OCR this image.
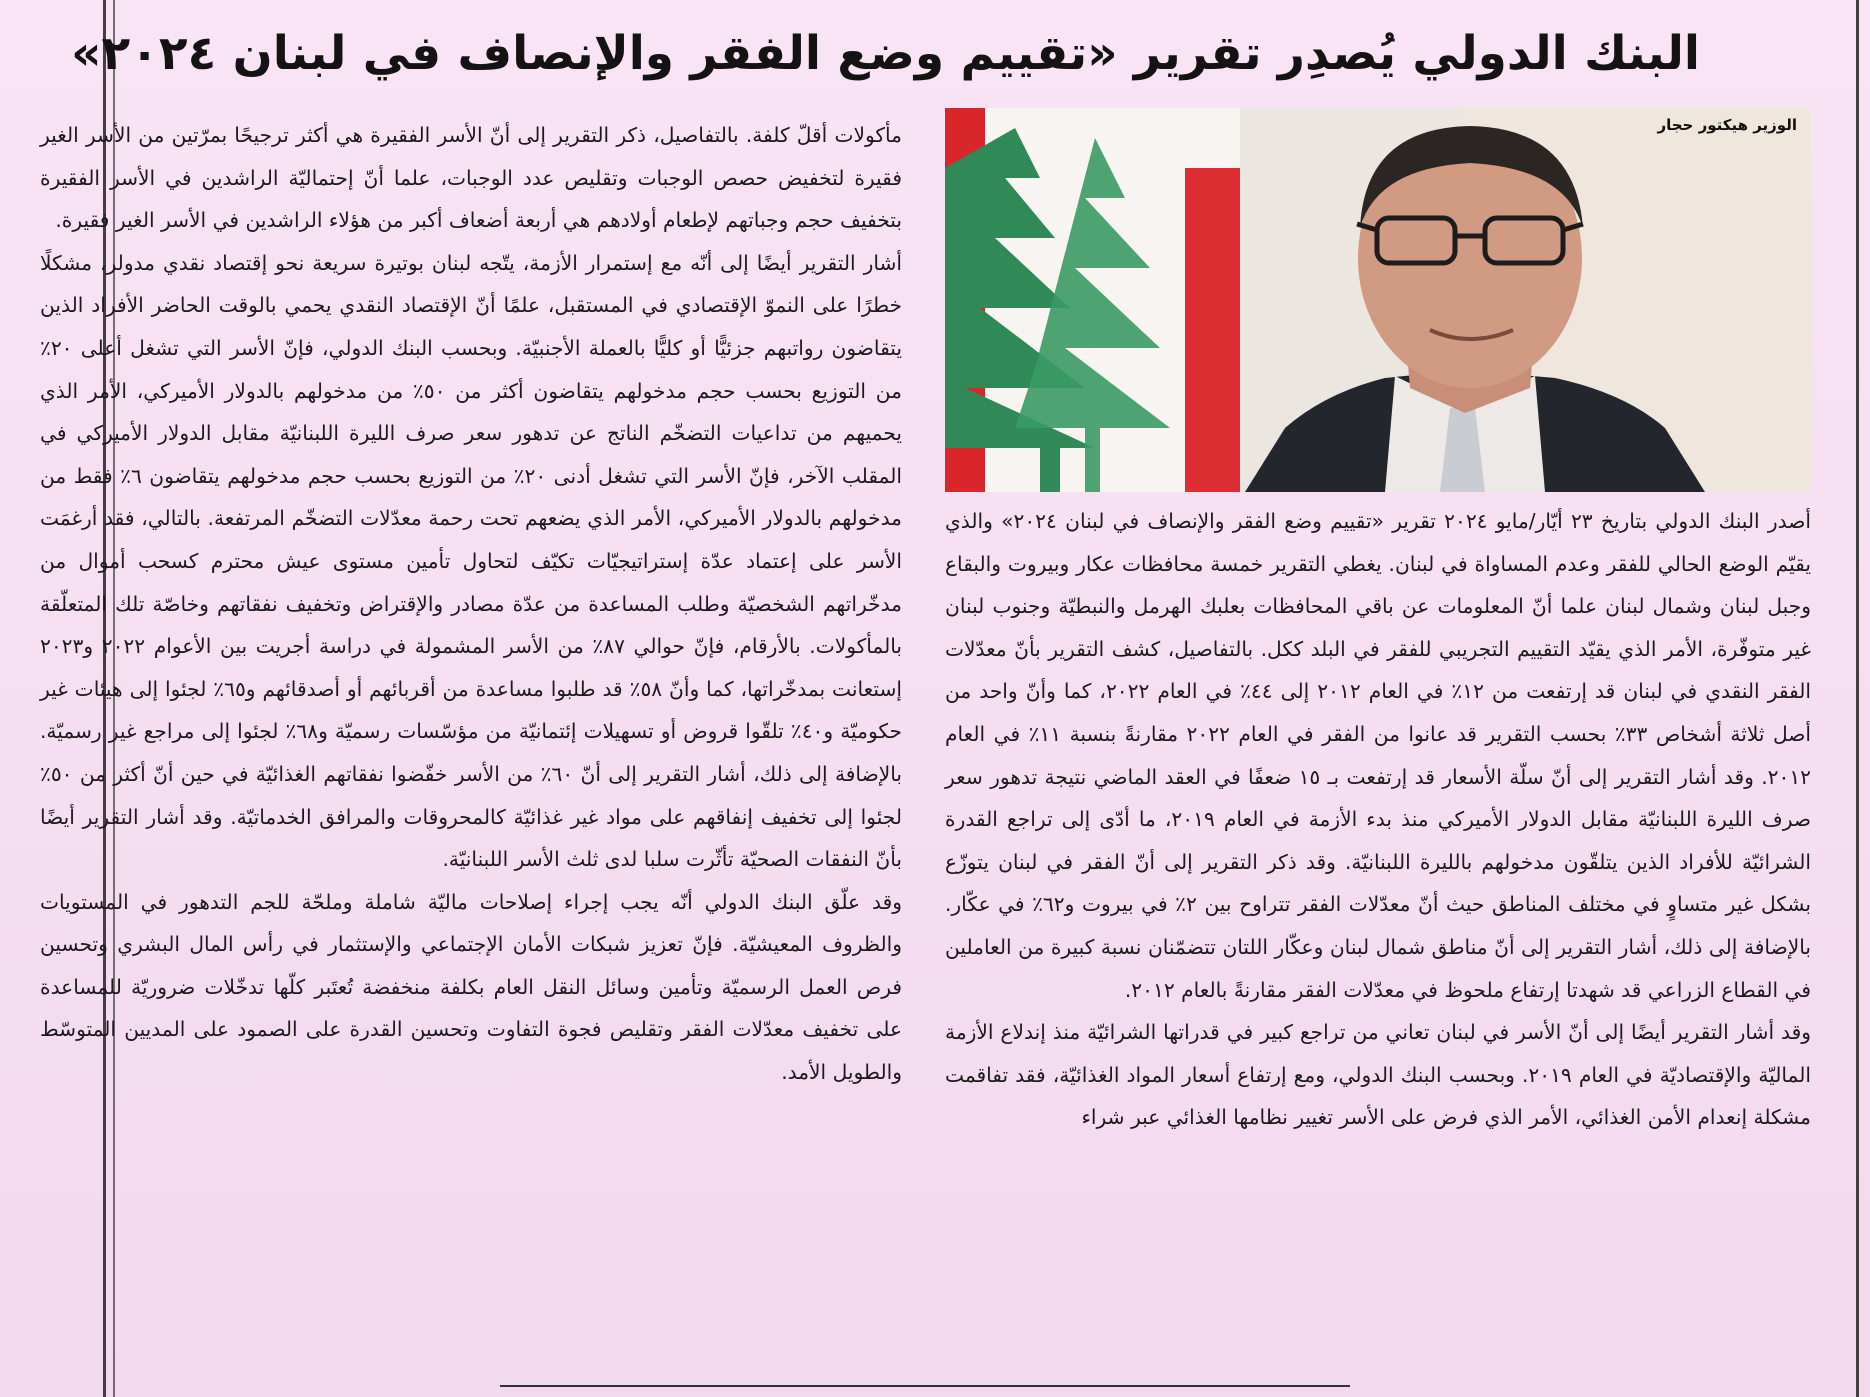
البنك الدولي يُصدِر تقرير «تقييم وضع الفقر والإنصاف في لبنان ٢٠٢٤»

الوزير هيكتور حجار

أصدر البنك الدولي بتاريخ ٢٣ أيّار/مايو ٢٠٢٤ تقرير «تقييم وضع الفقر والإنصاف في لبنان ٢٠٢٤» والذي يقيّم الوضع الحالي للفقر وعدم المساواة في لبنان. يغطي التقرير خمسة محافظات عكار وبيروت والبقاع وجبل لبنان وشمال لبنان علما أنّ المعلومات عن باقي المحافظات بعلبك الهرمل والنبطيّة وجنوب لبنان غير متوفّرة، الأمر الذي يقيّد التقييم التجريبي للفقر في البلد ككل. بالتفاصيل، كشف التقرير بأنّ معدّلات الفقر النقدي في لبنان قد إرتفعت من ١٢٪ في العام ٢٠١٢ إلى ٤٤٪ في العام ٢٠٢٢، كما وأنّ واحد من أصل ثلاثة أشخاص ٣٣٪ بحسب التقرير قد عانوا من الفقر في العام ٢٠٢٢ مقارنةً بنسبة ١١٪ في العام ٢٠١٢. وقد أشار التقرير إلى أنّ سلّة الأسعار قد إرتفعت بـ ١٥ ضعفًا في العقد الماضي نتيجة تدهور سعر صرف الليرة اللبنانيّة مقابل الدولار الأميركي منذ بدء الأزمة في العام ٢٠١٩، ما أدّى إلى تراجع القدرة الشرائيّة للأفراد الذين يتلقّون مدخولهم بالليرة اللبنانيّة. وقد ذكر التقرير إلى أنّ الفقر في لبنان يتوزّع بشكل غير متساوٍ في مختلف المناطق حيث أنّ معدّلات الفقر تتراوح بين ٢٪ في بيروت و٦٢٪ في عكّار. بالإضافة إلى ذلك، أشار التقرير إلى أنّ مناطق شمال لبنان وعكّار اللتان تتضمّنان نسبة كبيرة من العاملين في القطاع الزراعي قد شهدتا إرتفاع ملحوظ في معدّلات الفقر مقارنةً بالعام ٢٠١٢.

وقد أشار التقرير أيضًا إلى أنّ الأسر في لبنان تعاني من تراجع كبير في قدراتها الشرائيّة منذ إندلاع الأزمة الماليّة والإقتصاديّة في العام ٢٠١٩. وبحسب البنك الدولي، ومع إرتفاع أسعار المواد الغذائيّة، فقد تفاقمت مشكلة إنعدام الأمن الغذائي، الأمر الذي فرض على الأسر تغيير نظامها الغذائي عبر شراء

مأكولات أقلّ كلفة. بالتفاصيل، ذكر التقرير إلى أنّ الأسر الفقيرة هي أكثر ترجيحًا بمرّتين من الأسر الغير فقيرة لتخفيض حصص الوجبات وتقليص عدد الوجبات، علما أنّ إحتماليّة الراشدين في الأسر الفقيرة بتخفيف حجم وجباتهم لإطعام أولادهم هي أربعة أضعاف أكبر من هؤلاء الراشدين في الأسر الغير فقيرة.

أشار التقرير أيضًا إلى أنّه مع إستمرار الأزمة، يتّجه لبنان بوتيرة سريعة نحو إقتصاد نقدي مدولر، مشكلًا خطرًا على النموّ الإقتصادي في المستقبل، علمًا أنّ الإقتصاد النقدي يحمي بالوقت الحاضر الأفراد الذين يتقاضون رواتبهم جزئيًّا أو كليًّا بالعملة الأجنبيّة. وبحسب البنك الدولي، فإنّ الأسر التي تشغل أعلى ٢٠٪ من التوزيع بحسب حجم مدخولهم يتقاضون أكثر من ٥٠٪ من مدخولهم بالدولار الأميركي، الأمر الذي يحميهم من تداعيات التضخّم الناتج عن تدهور سعر صرف الليرة اللبنانيّة مقابل الدولار الأميركي في المقلب الآخر، فإنّ الأسر التي تشغل أدنى ٢٠٪ من التوزيع بحسب حجم مدخولهم يتقاضون ٦٪ فقط من مدخولهم بالدولار الأميركي، الأمر الذي يضعهم تحت رحمة معدّلات التضخّم المرتفعة. بالتالي، فقد أرغمَت الأسر على إعتماد عدّة إستراتيجيّات تكيّف لتحاول تأمين مستوى عيش محترم كسحب أموال من مدخّراتهم الشخصيّة وطلب المساعدة من عدّة مصادر والإقتراض وتخفيف نفقاتهم وخاصّة تلك المتعلّقة بالمأكولات. بالأرقام، فإنّ حوالي ٨٧٪ من الأسر المشمولة في دراسة أجريت بين الأعوام ٢٠٢٢ و٢٠٢٣ إستعانت بمدخّراتها، كما وأنّ ٥٨٪ قد طلبوا مساعدة من أقربائهم أو أصدقائهم و٦٥٪ لجئوا إلى هيئات غير حكوميّة و٤٠٪ تلقّوا قروض أو تسهيلات إئتمانيّة من مؤسّسات رسميّة و٦٨٪ لجئوا إلى مراجع غير رسميّة. بالإضافة إلى ذلك، أشار التقرير إلى أنّ ٦٠٪ من الأسر خفّضوا نفقاتهم الغذائيّة في حين أنّ أكثر من ٥٠٪ لجئوا إلى تخفيف إنفاقهم على مواد غير غذائيّة كالمحروقات والمرافق الخدماتيّة. وقد أشار التقرير أيضًا بأنّ النفقات الصحيّة تأثّرت سلبا لدى ثلث الأسر اللبنانيّة.

وقد علّق البنك الدولي أنّه يجب إجراء إصلاحات ماليّة شاملة وملحّة للجم التدهور في المستويات والظروف المعيشيّة. فإنّ تعزيز شبكات الأمان الإجتماعي والإستثمار في رأس المال البشري وتحسين فرص العمل الرسميّة وتأمين وسائل النقل العام بكلفة منخفضة تُعتَبر كلّها تدخّلات ضروريّة للمساعدة على تخفيف معدّلات الفقر وتقليص فجوة التفاوت وتحسين القدرة على الصمود على المديين المتوسّط والطويل الأمد.
